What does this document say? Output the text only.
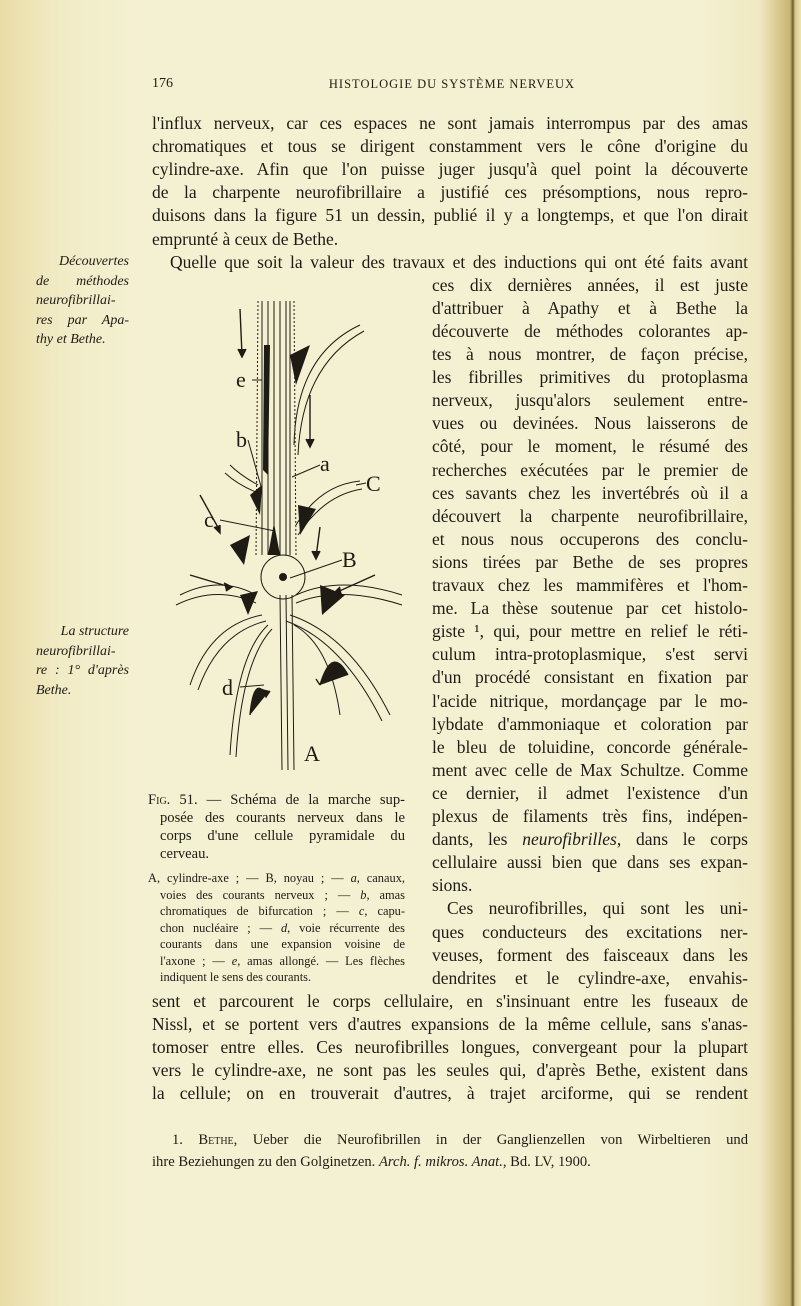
176	HISTOLOGIE DU SYSTÈME NERVEUX
l'influx nerveux, car ces espaces ne sont jamais interrompus par des amas
chromatiques et tous se dirigent constamment vers le cône d'origine du
cylindre-axe. Afin que l'on puisse juger jusqu'à quel point la découverte
de la charpente neurofibrillaire a justifié ces présomptions, nous repro-
duisons dans la figure 51 un dessin, publié il y a longtemps, et que l'on dirait
emprunté à ceux de Bethe.
Quelle que soit la valeur des travaux et des inductions qui ont été faits avant
ces dix dernières années, il est juste
d'attribuer à Apathy et à Bethe la
découverte de méthodes colorantes ap-
tes à nous montrer, de façon précise,
les fibrilles primitives du protoplasma
nerveux, jusqu'alors seulement entre-
vues ou devinées. Nous laisserons de
côté, pour le moment, le résumé des
recherches exécutées par le premier de
ces savants chez les invertébrés où il a
découvert la charpente neurofibrillaire,
et nous nous occuperons des conclu-
sions tirées par Bethe de ses propres
travaux chez les mammifères et l'hom-
me. La thèse soutenue par cet histolo-
giste ¹, qui, pour mettre en relief le réti-
culum intra-protoplasmique, s'est servi
d'un procédé consistant en fixation par
l'acide nitrique, mordançage par le mo-
lybdate d'ammoniaque et coloration par
le bleu de toluidine, concorde générale-
ment avec celle de Max Schultze. Comme
ce dernier, il admet l'existence d'un
plexus de filaments très fins, indépen-
dants, les neurofibrilles, dans le corps
cellulaire aussi bien que dans ses expan-
sions.
Ces neurofibrilles, qui sont les uni-
ques conducteurs des excitations ner-
veuses, forment des faisceaux dans les
dendrites et le cylindre-axe, envahis-
sent et parcourent le corps cellulaire, en s'insinuant entre les fuseaux de
Nissl, et se portent vers d'autres expansions de la même cellule, sans s'anas-
tomoser entre elles. Ces neurofibrilles longues, convergeant pour la plupart
vers le cylindre-axe, ne sont pas les seules qui, d'après Bethe, existent dans
la cellule; on en trouverait d'autres, à trajet arciforme, qui se rendent
Découvertes
de méthodes
neurofibrillai-
res par Apa-
thy et Bethe.
La structure
neurofibrillai-
re : 1° d'après
Bethe.
Fig. 51. — Schéma de la marche sup-
posée des courants nerveux dans le
corps d'une cellule pyramidale du
cerveau.
A, cylindre-axe ; — B, noyau ; — a, canaux,
voies des courants nerveux ; — b, amas
chromatiques de bifurcation ; — c, capu-
chon nucléaire ; — d, voie récurrente des
courants dans une expansion voisine de
l'axone ; — e, amas allongé. — Les flèches
indiquent le sens des courants.
1. Bethe, Ueber die Neurofibrillen in der Ganglienzellen von Wirbeltieren und
ihre Beziehungen zu den Golginetzen. Arch. f. mikros. Anat., Bd. LV, 1900.
e
b
a
C
c
B
d
A
